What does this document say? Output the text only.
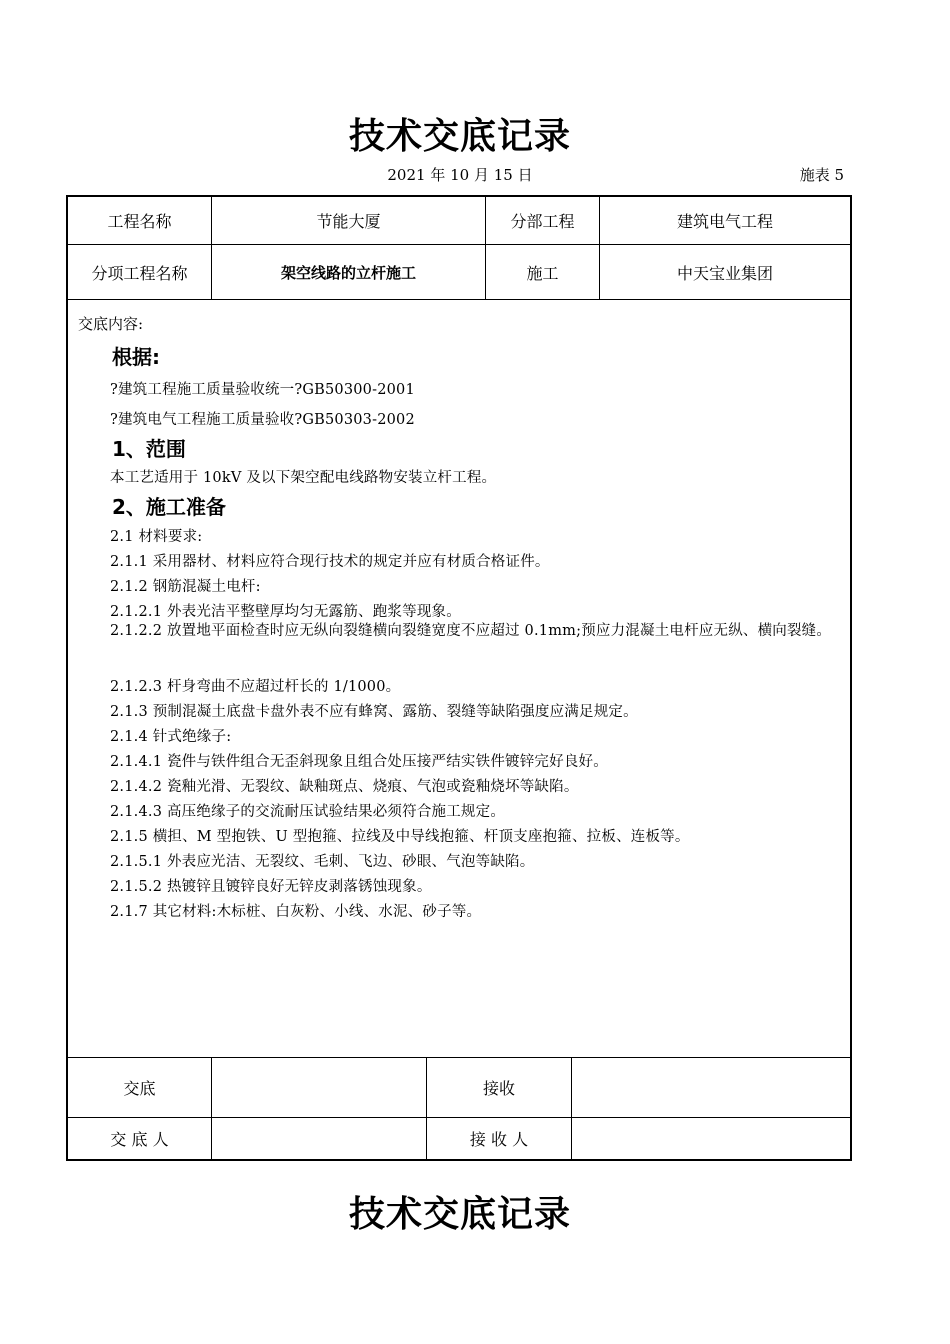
技术交底记录
2021 年 10 月 15 日	施表 5
工程名称	节能大厦	分部工程	建筑电气工程
分项工程名称	架空线路的立杆施工	施工	中天宝业集团
交底内容:
根据:
?建筑工程施工质量验收统一?GB50300-2001
?建筑电气工程施工质量验收?GB50303-2002
1、范围
本工艺适用于 10kV 及以下架空配电线路物安装立杆工程。
2、施工准备
2.1 材料要求:
2.1.1 采用器材、材料应符合现行技术的规定并应有材质合格证件。
2.1.2 钢筋混凝土电杆:
2.1.2.1 外表光洁平整壁厚均匀无露筋、跑浆等现象。
2.1.2.2 放置地平面检查时应无纵向裂缝横向裂缝宽度不应超过 0.1mm;预应力混凝土电杆应无纵、横向裂缝。
2.1.2.3 杆身弯曲不应超过杆长的 1/1000。
2.1.3 预制混凝土底盘卡盘外表不应有蜂窝、露筋、裂缝等缺陷强度应满足规定。
2.1.4 针式绝缘子:
2.1.4.1 瓷件与铁件组合无歪斜现象且组合处压接严结实铁件镀锌完好良好。
2.1.4.2 瓷釉光滑、无裂纹、缺釉斑点、烧痕、气泡或瓷釉烧坏等缺陷。
2.1.4.3 高压绝缘子的交流耐压试验结果必须符合施工规定。
2.1.5 横担、M 型抱铁、U 型抱箍、拉线及中导线抱箍、杆顶支座抱箍、拉板、连板等。
2.1.5.1 外表应光洁、无裂纹、毛刺、飞边、砂眼、气泡等缺陷。
2.1.5.2 热镀锌且镀锌良好无锌皮剥落锈蚀现象。
2.1.7 其它材料:木标桩、白灰粉、小线、水泥、砂子等。
交底	接收
交 底 人	接 收 人
技术交底记录
